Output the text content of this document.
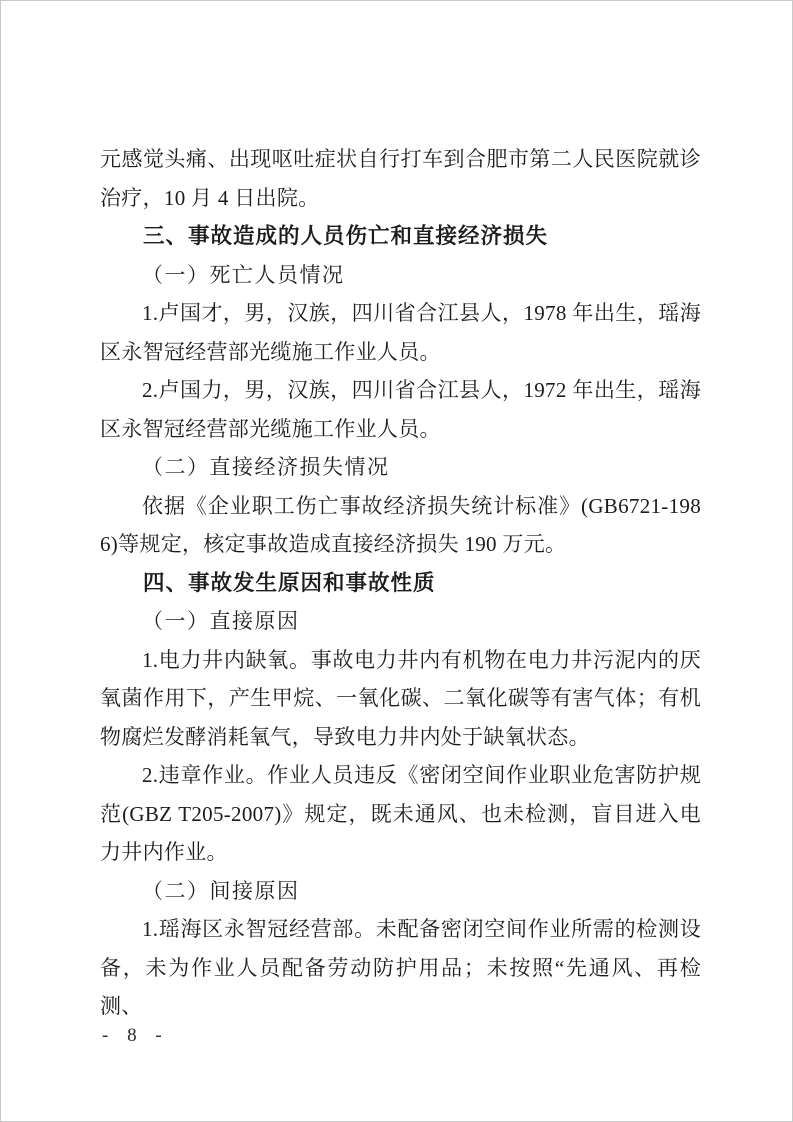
元感觉头痛、出现呕吐症状自行打车到合肥市第二人民医院就诊治疗，10 月 4 日出院。

三、事故造成的人员伤亡和直接经济损失

（一）死亡人员情况

1.卢国才，男，汉族，四川省合江县人，1978 年出生，瑶海区永智冠经营部光缆施工作业人员。

2.卢国力，男，汉族，四川省合江县人，1972 年出生，瑶海区永智冠经营部光缆施工作业人员。

（二）直接经济损失情况

依据《企业职工伤亡事故经济损失统计标准》(GB6721-1986)等规定，核定事故造成直接经济损失 190 万元。

四、事故发生原因和事故性质

（一）直接原因

1.电力井内缺氧。事故电力井内有机物在电力井污泥内的厌氧菌作用下，产生甲烷、一氧化碳、二氧化碳等有害气体；有机物腐烂发酵消耗氧气，导致电力井内处于缺氧状态。

2.违章作业。作业人员违反《密闭空间作业职业危害防护规范(GBZ T205-2007)》规定，既未通风、也未检测，盲目进入电力井内作业。

（二）间接原因

1.瑶海区永智冠经营部。未配备密闭空间作业所需的检测设备，未为作业人员配备劳动防护用品；未按照“先通风、再检测、

- 8 -
